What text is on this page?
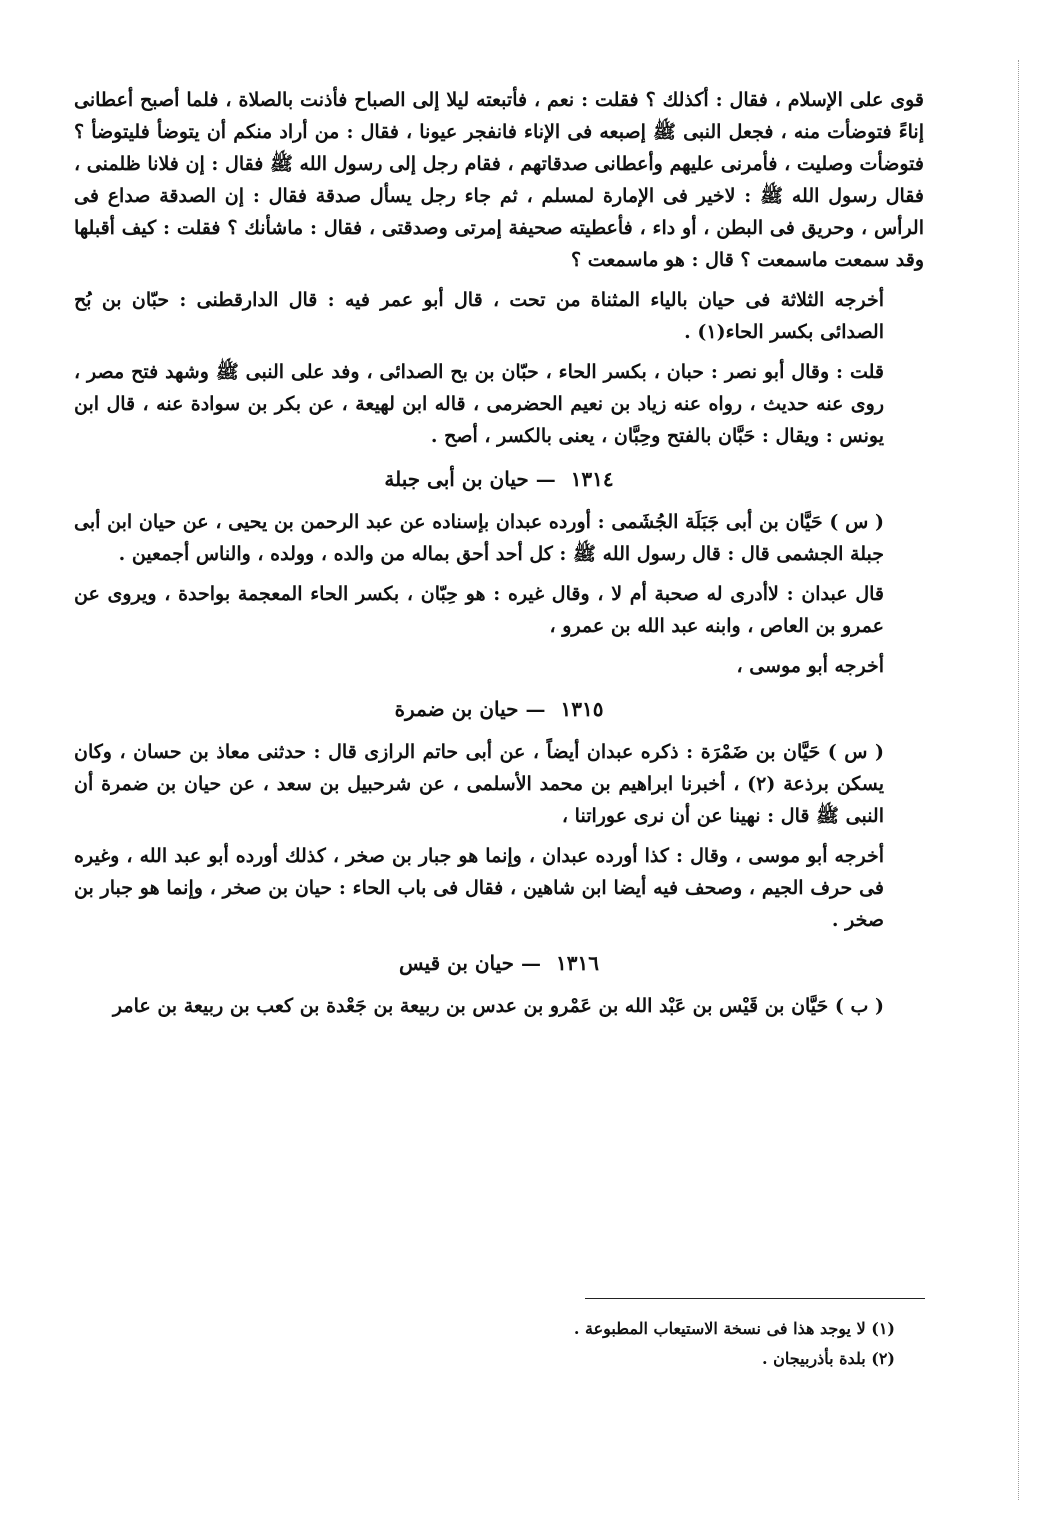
قوى على الإسلام ، فقال : أكذلك ؟ فقلت : نعم ، فأتبعته ليلا إلى الصباح فأذنت بالصلاة ، فلما أصبح أعطانى إناءً فتوضأت منه ، فجعل النبى ﷺ إصبعه فى الإناء فانفجر عيونا ، فقال : من أراد منكم أن يتوضأ فليتوضأ ؟ فتوضأت وصليت ، فأمرنى عليهم وأعطانى صدقاتهم ، فقام رجل إلى رسول الله ﷺ فقال : إن فلانا ظلمنى ، فقال رسول الله ﷺ : لاخير فى الإمارة لمسلم ، ثم جاء رجل يسأل صدقة فقال : إن الصدقة صداع فى الرأس ، وحريق فى البطن ، أو داء ، فأعطيته صحيفة إمرتى وصدقتى ، فقال : ماشأنك ؟ فقلت : كيف أقبلها وقد سمعت ماسمعت ؟ قال : هو ماسمعت ؟

أخرجه الثلاثة فى حيان بالياء المثناة من تحت ، قال أبو عمر فيه : قال الدارقطنى : حبّان بن بُح الصدائى بكسر الحاء(١) .

قلت : وقال أبو نصر : حبان ، بكسر الحاء ، حبّان بن بح الصدائى ، وفد على النبى ﷺ وشهد فتح مصر ، روى عنه حديث ، رواه عنه زياد بن نعيم الحضرمى ، قاله ابن لهيعة ، عن بكر بن سوادة عنه ، قال ابن يونس : ويقال : حَبَّان بالفتح وحِبَّان ، يعنى بالكسر ، أصح .

١٣١٤ — حيان بن أبى جبلة

( س ) حَيَّان بن أبى جَبَلَة الجُشَمى : أورده عبدان بإسناده عن عبد الرحمن بن يحيى ، عن حيان ابن أبى جبلة الجشمى قال : قال رسول الله ﷺ : كل أحد أحق بماله من والده ، وولده ، والناس أجمعين .

قال عبدان : لاأدرى له صحبة أم لا ، وقال غيره : هو حِبّان ، بكسر الحاء المعجمة بواحدة ، ويروى عن عمرو بن العاص ، وابنه عبد الله بن عمرو ،

أخرجه أبو موسى ،

١٣١٥ — حيان بن ضمرة

( س ) حَيَّان بن ضَمْرَة : ذكره عبدان أيضاً ، عن أبى حاتم الرازى قال : حدثنى معاذ بن حسان ، وكان يسكن برذعة (٢) ، أخبرنا ابراهيم بن محمد الأسلمى ، عن شرحبيل بن سعد ، عن حيان بن ضمرة أن النبى ﷺ قال : نهينا عن أن نرى عوراتنا ،

أخرجه أبو موسى ، وقال : كذا أورده عبدان ، وإنما هو جبار بن صخر ، كذلك أورده أبو عبد الله ، وغيره فى حرف الجيم ، وصحف فيه أيضا ابن شاهين ، فقال فى باب الحاء : حيان بن صخر ، وإنما هو جبار بن صخر .

١٣١٦ — حيان بن قيس

( ب ) حَيَّان بن قَيْس بن عَبْد الله بن عَمْرو بن عدس بن ربيعة بن جَعْدة بن كعب بن ربيعة بن عامر

(١) لا يوجد هذا فى نسخة الاستيعاب المطبوعة .
(٢) بلدة بأذربيجان .
